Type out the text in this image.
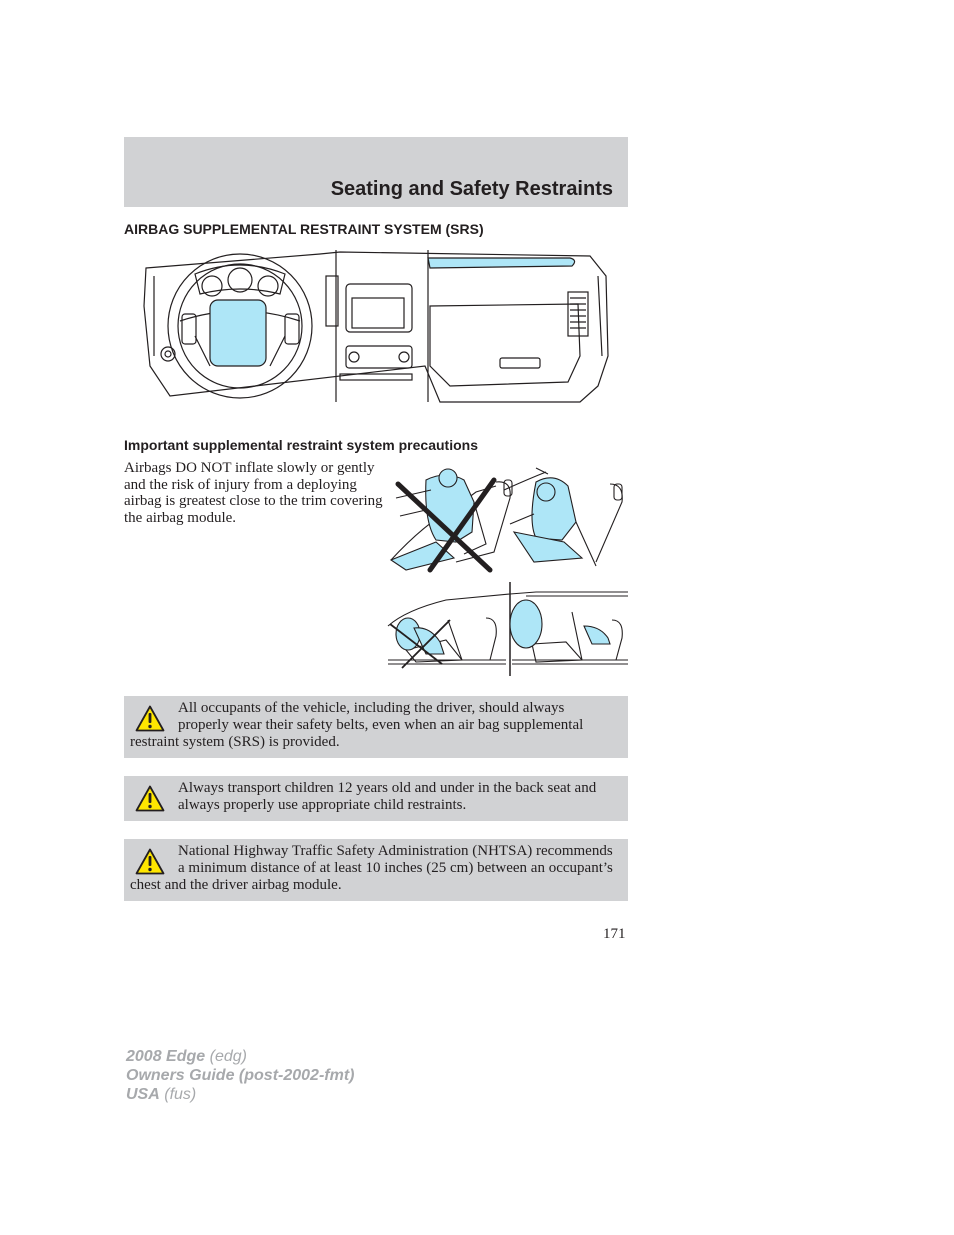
Seating and Safety Restraints
AIRBAG SUPPLEMENTAL RESTRAINT SYSTEM (SRS)
Important supplemental restraint system precautions
Airbags DO NOT inflate slowly or gently and the risk of injury from a deploying airbag is greatest close to the trim covering the airbag module.
All occupants of the vehicle, including the driver, should always properly wear their safety belts, even when an air bag supplemental restraint system (SRS) is provided.
Always transport children 12 years old and under in the back seat and always properly use appropriate child restraints.
National Highway Traffic Safety Administration (NHTSA) recommends a minimum distance of at least 10 inches (25 cm) between an occupant’s chest and the driver airbag module.
171
2008 Edge (edg)
Owners Guide (post-2002-fmt)
USA (fus)
